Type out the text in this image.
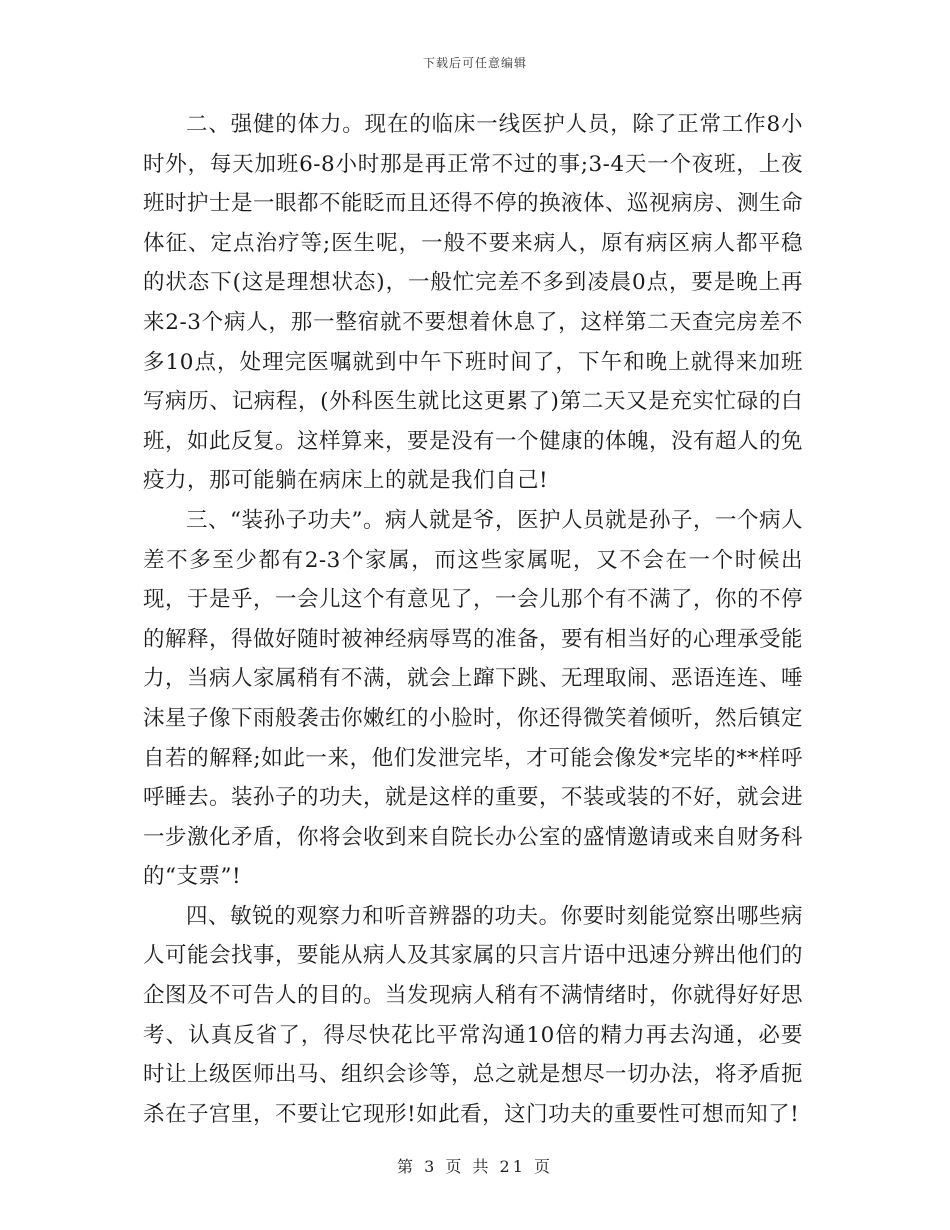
下载后可任意编辑

二、强健的体力。现在的临床一线医护人员，除了正常工作8小时外，每天加班6-8小时那是再正常不过的事;3-4天一个夜班，上夜班时护士是一眼都不能眨而且还得不停的换液体、巡视病房、测生命体征、定点治疗等;医生呢，一般不要来病人，原有病区病人都平稳的状态下(这是理想状态)，一般忙完差不多到凌晨0点，要是晚上再来2-3个病人，那一整宿就不要想着休息了，这样第二天查完房差不多10点，处理完医嘱就到中午下班时间了，下午和晚上就得来加班写病历、记病程，(外科医生就比这更累了)第二天又是充实忙碌的白班，如此反复。这样算来，要是没有一个健康的体魄，没有超人的免疫力，那可能躺在病床上的就是我们自己!

三、“装孙子功夫”。病人就是爷，医护人员就是孙子，一个病人差不多至少都有2-3个家属，而这些家属呢，又不会在一个时候出现，于是乎，一会儿这个有意见了，一会儿那个有不满了，你的不停的解释，得做好随时被神经病辱骂的准备，要有相当好的心理承受能力，当病人家属稍有不满，就会上蹿下跳、无理取闹、恶语连连、唾沫星子像下雨般袭击你嫩红的小脸时，你还得微笑着倾听，然后镇定自若的解释;如此一来，他们发泄完毕，才可能会像发*完毕的**样呼呼睡去。装孙子的功夫，就是这样的重要，不装或装的不好，就会进一步激化矛盾，你将会收到来自院长办公室的盛情邀请或来自财务科的“支票”!

四、敏锐的观察力和听音辨器的功夫。你要时刻能觉察出哪些病人可能会找事，要能从病人及其家属的只言片语中迅速分辨出他们的企图及不可告人的目的。当发现病人稍有不满情绪时，你就得好好思考、认真反省了，得尽快花比平常沟通10倍的精力再去沟通，必要时让上级医师出马、组织会诊等，总之就是想尽一切办法，将矛盾扼杀在子宫里，不要让它现形!如此看，这门功夫的重要性可想而知了!

第 3 页 共 21 页
